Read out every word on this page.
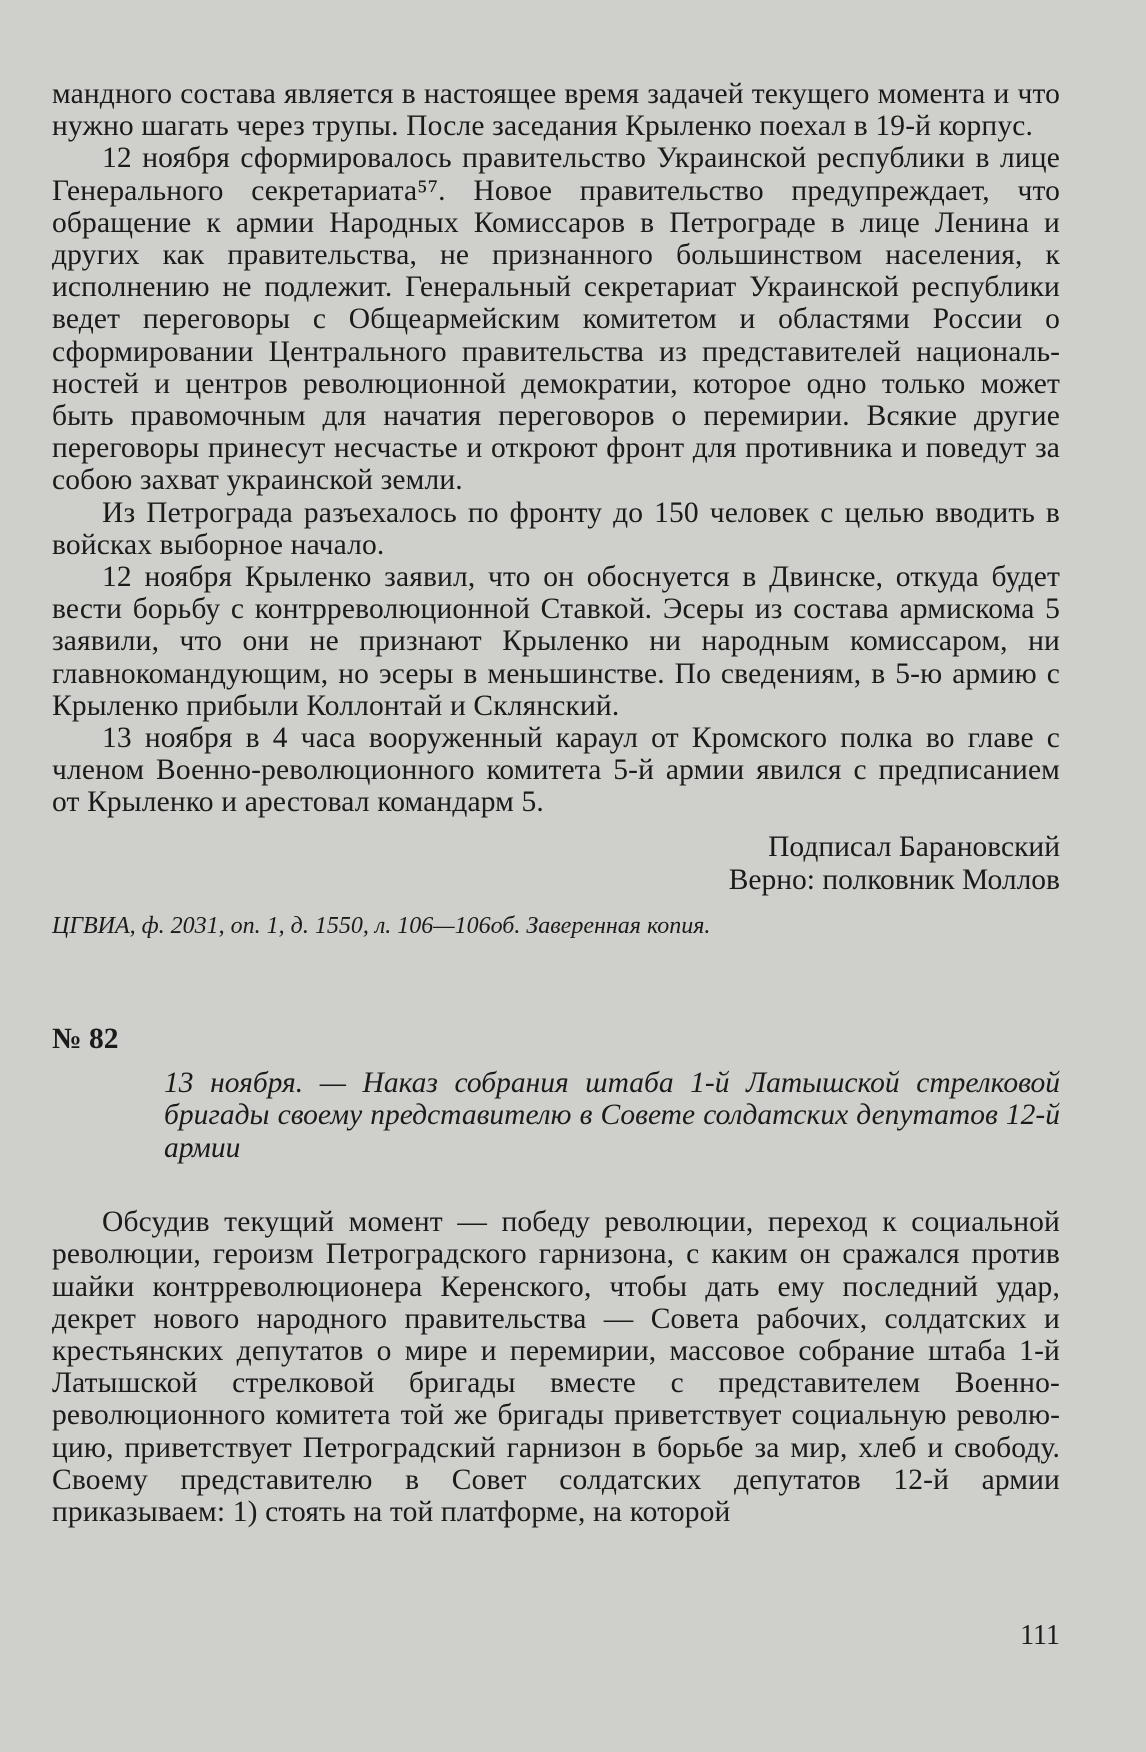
мандного состава является в настоящее время задачей текущего момента и что нужно шагать через трупы. После заседания Крыленко поехал в 19-й корпус.

12 ноября сформировалось правительство Украинской республики в лице Генерального секретариата⁵⁷. Новое правительство предупреждает, что обращение к армии Народных Комиссаров в Петрограде в лице Ленина и других как правительства, не признанного большинством населения, к исполнению не подлежит. Генеральный секретариат Украинской республики ведет переговоры с Общеармейским комитетом и областями России о сформировании Центрального правительства из представителей национальностей и центров революционной демократии, которое одно только может быть правомочным для начатия переговоров о перемирии. Всякие другие переговоры принесут несчастье и откроют фронт для противника и поведут за собою захват украинской земли.

Из Петрограда разъехалось по фронту до 150 человек с целью вводить в войсках выборное начало.

12 ноября Крыленко заявил, что он обоснуется в Двинске, откуда будет вести борьбу с контрреволюционной Ставкой. Эсеры из состава армискома 5 заявили, что они не признают Крыленко ни народным комиссаром, ни главнокомандующим, но эсеры в меньшинстве. По сведениям, в 5-ю армию с Крыленко прибыли Коллонтай и Склянский.

13 ноября в 4 часа вооруженный караул от Кромского полка во главе с членом Военно-революционного комитета 5-й армии явился с предписанием от Крыленко и арестовал командарм 5.

Подписал Барановский

Верно: полковник Моллов

ЦГВИА, ф. 2031, оп. 1, д. 1550, л. 106—106об. Заверенная копия.

№ 82

13 ноября. — Наказ собрания штаба 1-й Латышской стрелковой бригады своему представителю в Совете солдатских депутатов 12-й армии

Обсудив текущий момент — победу революции, переход к социальной революции, героизм Петроградского гарнизона, с каким он сражался против шайки контрреволюционера Керенского, чтобы дать ему последний удар, декрет нового народного правительства — Совета рабочих, солдатских и крестьянских депутатов о мире и перемирии, массовое собрание штаба 1-й Латышской стрелковой бригады вместе с представителем Военно-революционного комитета той же бригады приветствует социальную революцию, приветствует Петроградский гарнизон в борьбе за мир, хлеб и свободу. Своему представителю в Совет солдатских депутатов 12-й армии приказываем: 1) стоять на той платформе, на которой

111
